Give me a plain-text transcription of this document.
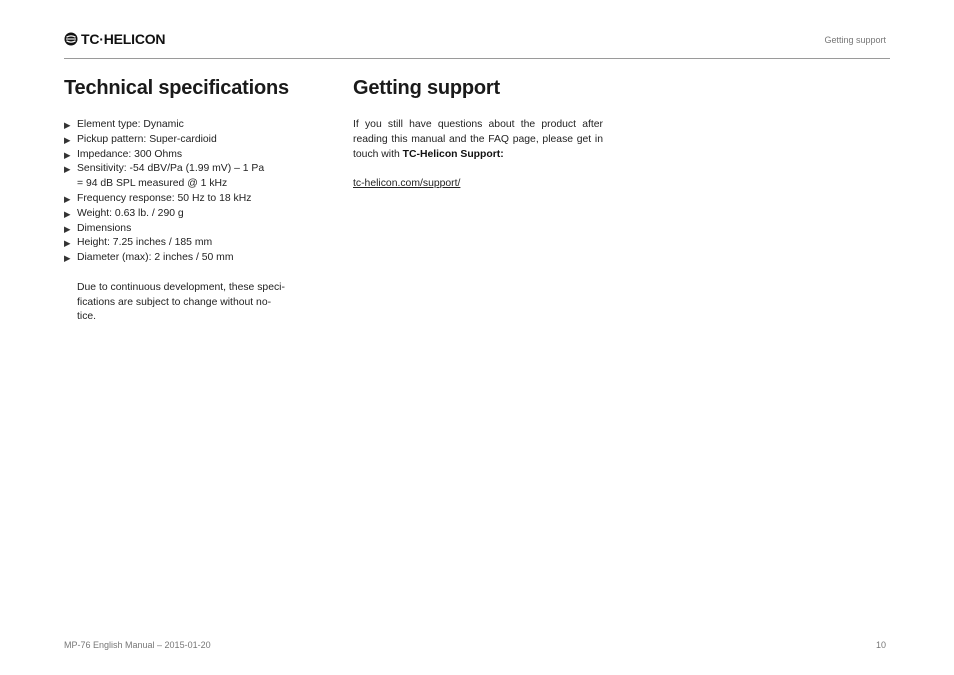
TC·HELICON	Getting support
Technical specifications
▶ Element type: Dynamic
▶ Pickup pattern: Super-cardioid
▶ Impedance: 300 Ohms
▶ Sensitivity: -54 dBV/Pa (1.99 mV) – 1 Pa
= 94 dB SPL measured @ 1 kHz
▶ Frequency response: 50 Hz to 18 kHz
▶ Weight: 0.63 lb. / 290 g
▶ Dimensions
▶ Height: 7.25 inches / 185 mm
▶ Diameter (max): 2 inches / 50 mm
Due to continuous development, these speci-
fications are subject to change without no-
tice.
Getting support

If you still have questions about the product after reading this manual and the FAQ page, please get in touch with TC-Helicon Support:

tc-helicon.com/support/
MP-76 English Manual – 2015-01-20	10
